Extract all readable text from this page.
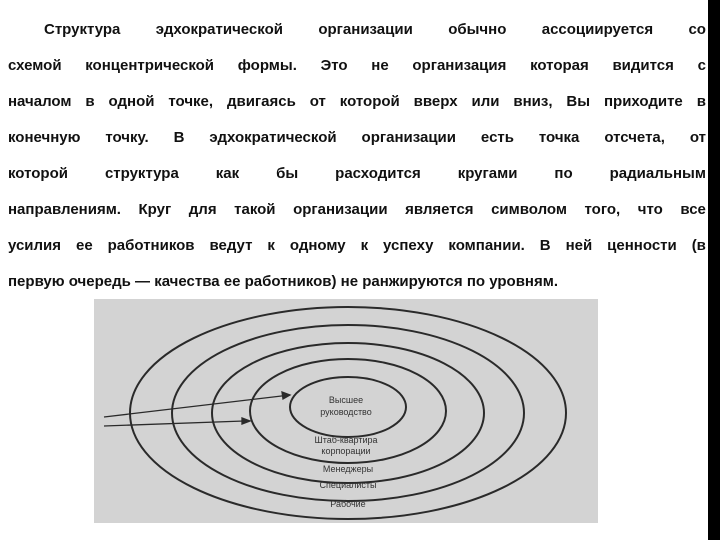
Структура эдхократической организации обычно ассоциируется со
схемой концентрической формы. Это не организация которая видится с
началом в одной точке, двигаясь от которой вверх или вниз, Вы приходите в
конечную точку. В эдхократической организации есть точка отсчета, от
которой структура как бы расходится кругами по радиальным
направлениям. Круг для такой организации является символом того, что все
усилия ее работников ведут к одному к успеху компании. В ней ценности (в
первую
очередь
—
качества
ее
работников)
не
ранжируются
по
уровням.
Высшее
руководство
Штаб-квартира
корпорации
Менеджеры
Специалисты
Рабочие
